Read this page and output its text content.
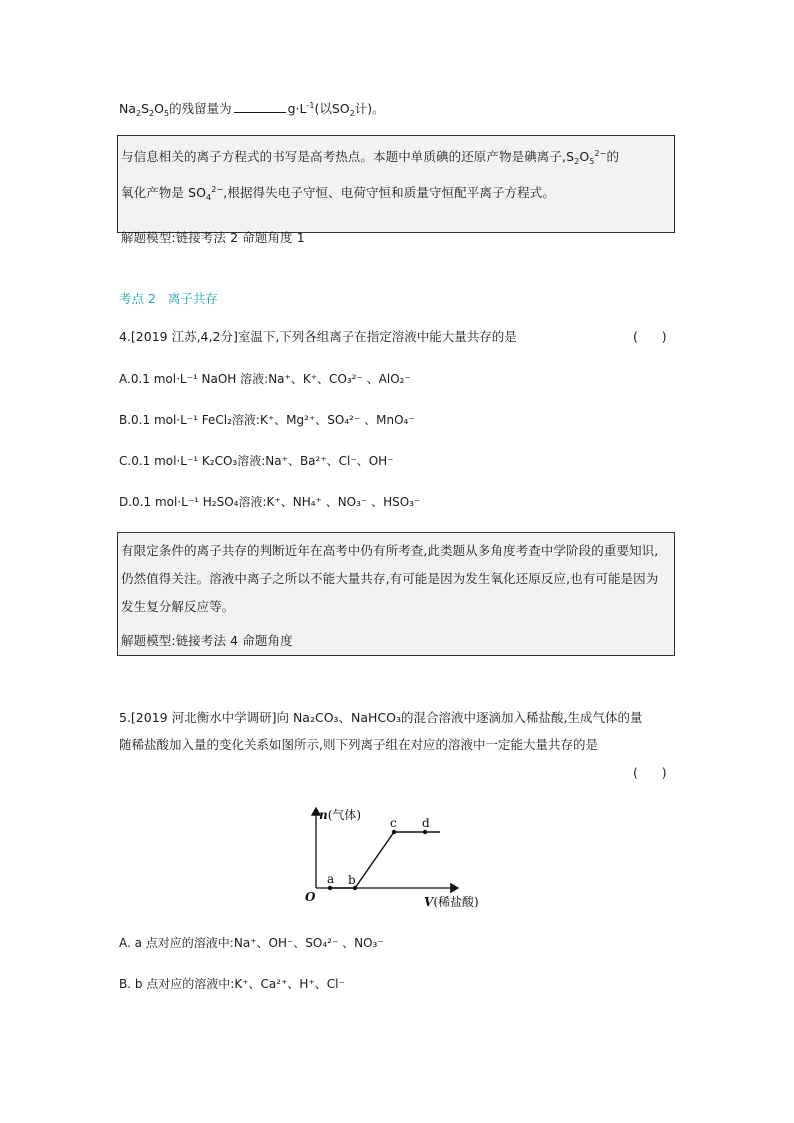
$Na_2S_2O_5$的残留量为	$g\cdot L^{-1}$(以$SO_2$计)。
与信息相关的离子方程式的书写是高考热点。本题中单质碘的还原产物是碘离子$,S_2O_5^{2-}$的
氧化产物是 $SO_4^{2-}$,根据得失电子守恒、电荷守恒和质量守恒配平离子方程式。
解题模型:链接考法 2 命题角度 1
考点 2   离子共存
4.[2019 江苏,4,2分]室温下,下列各组离子在指定溶液中能大量共存的是	(      )
A.0.1 mol·L⁻¹ NaOH 溶液:Na⁺、K⁺、CO₃²⁻ 、AlO₂⁻
B.0.1 mol·L⁻¹ FeCl₂溶液:K⁺、Mg²⁺、SO₄²⁻ 、MnO₄⁻
C.0.1 mol·L⁻¹ K₂CO₃溶液:Na⁺、Ba²⁺、Cl⁻、OH⁻
D.0.1 mol·L⁻¹ H₂SO₄溶液:K⁺、NH₄⁺ 、NO₃⁻ 、HSO₃⁻
有限定条件的离子共存的判断近年在高考中仍有所考查,此类题从多角度考查中学阶段的重要知识,仍然值得关注。溶液中离子之所以不能大量共存,有可能是因为发生氧化还原反应,也有可能是因为发生复分解反应等。
解题模型:链接考法 4 命题角度
5.[2019 河北衡水中学调研]向 Na₂CO₃、NaHCO₃的混合溶液中逐滴加入稀盐酸,生成气体的量
随稀盐酸加入量的变化关系如图所示,则下列离子组在对应的溶液中一定能大量共存的是
(      )
a b
c d
O
n(气体)
V(稀盐酸)
A. a 点对应的溶液中:Na⁺、OH⁻、SO₄²⁻ 、NO₃⁻
B. b 点对应的溶液中:K⁺、Ca²⁺、H⁺、Cl⁻
